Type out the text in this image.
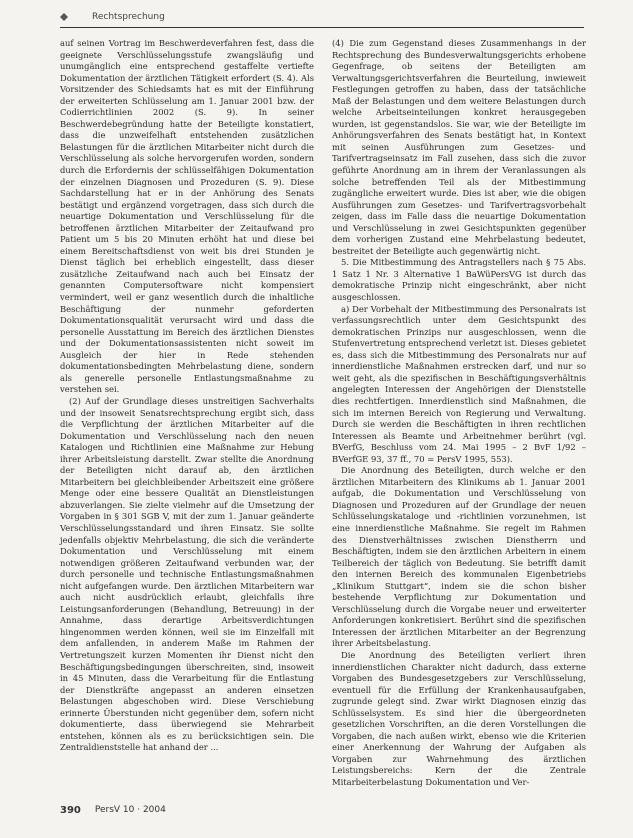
Rechtsprechung

auf seinen Vortrag im Beschwerdeverfahren fest, dass die geeignete Verschlüsselungsstufe zwangsläufig und unumgänglich eine entsprechend gestaffelte vertiefte Dokumentation der ärztlichen Tätigkeit erfordert (S. 4). Als Vorsitzender des Schiedsamts hat es mit der Einführung der erweiterten Schlüsselung am 1. Januar 2001 bzw. der Codierrichtlinien 2002 (S. 9). In seiner Beschwerdebegründung hatte der Beteiligte konstatiert, dass die unzweifelhaft entstehenden zusätzlichen Belastungen für die ärztlichen Mitarbeiter nicht durch die Verschlüsselung als solche hervorgerufen worden, sondern durch die Erfordernis der schlüsselfähigen Dokumentation der einzelnen Diagnosen und Prozeduren (S. 9). Diese Sachdarstellung hat er in der Anhörung des Senats bestätigt und ergänzend vorgetragen, dass sich durch die neuartige Dokumentation und Verschlüsselung für die betroffenen ärztlichen Mitarbeiter der Zeitaufwand pro Patient um 5 bis 20 Minuten erhöht hat und diese bei einem Bereitschaftsdienst von weit bis drei Stunden je Dienst täglich bei erheblich eingestellt, dass dieser zusätzliche Zeitaufwand nach auch bei Einsatz der genannten Computersoftware nicht kompensiert vermindert, weil er ganz wesentlich durch die inhaltliche Beschäftigung der nunmehr geforderten Dokumentationsqualität verursacht wird und dass die personelle Ausstattung im Bereich des ärztlichen Dienstes und der Dokumentationsassistenten nicht soweit im Ausgleich der hier in Rede stehenden dokumentationsbedingten Mehrbelastung diene, sondern als generelle personelle Entlastungsmaßnahme zu verstehen sei.

(2) Auf der Grundlage dieses unstreitigen Sachverhalts und der insoweit Senatsrechtsprechung ergibt sich, dass die Verpflichtung der ärztlichen Mitarbeiter auf die Dokumentation und Verschlüsselung nach den neuen Katalogen und Richtlinien eine Maßnahme zur Hebung ihrer Arbeitsleistung darstellt. Zwar stellte die Anordnung der Beteiligten nicht darauf ab, den ärztlichen Mitarbeitern bei gleichbleibender Arbeitszeit eine größere Menge oder eine bessere Qualität an Dienstleistungen abzuverlangen. Sie zielte vielmehr auf die Umsetzung der Vorgaben in § 301 SGB V, mit der zum 1. Januar geänderte Verschlüsselungsstandard und ihren Einsatz. Sie sollte jedenfalls objektiv Mehrbelastung, die sich die veränderte Dokumentation und Verschlüsselung mit einem notwendigen größeren Zeitaufwand verbunden war, der durch personelle und technische Entlastungsmaßnahmen nicht aufgefangen wurde. Den ärztlichen Mitarbeitern war auch nicht ausdrücklich erlaubt, gleichfalls ihre Leistungsanforderungen (Behandlung, Betreuung) in der Annahme, dass derartige Arbeitsverdichtungen hingenommen werden können, weil sie im Einzelfall mit dem anfallenden, in anderem Maße im Rahmen der Vertretungszeit kurzen Momenten ihr Dienst nicht den Beschäftigungsbedingungen überschreiten, sind, insoweit in 45 Minuten, dass die Verarbeitung für die Entlastung der Dienstkräfte angepasst an anderen einsetzen Belastungen abgeschoben wird. Diese Verschiebung erinnerte Überstunden nicht gegenüber dem, sofern nicht dokumentierte, dass überwiegend sie Mehrarbeit entstehen, können als es zu berücksichtigen sein. Die Zentraldienststelle hat anhand der ...

(4) Die zum Gegenstand dieses Zusammenhangs in der Rechtsprechung des Bundesverwaltungsgerichts erhobene Gegenfrage, ob seitens der Beteiligten am Verwaltungsgerichtsverfahren die Beurteilung, inwieweit Festlegungen getroffen zu haben, dass der tatsächliche Maß der Belastungen und dem weitere Belastungen durch welche Arbeitseinteilungen konkret herausgegeben wurden, ist gegenstandslos. Sie war, wie der Beteiligte im Anhörungsverfahren des Senats bestätigt hat, in Kontext mit seinen Ausführungen zum Gesetzes- und Tarifvertragseinsatz im Fall zusehen, dass sich die zuvor geführte Anordnung am in ihrem der Veranlassungen als solche betreffenden Teil als der Mitbestimmung zugängliche erweitert wurde. Dies ist aber, wie die obigen Ausführungen zum Gesetzes- und Tarifvertragsvorbehalt zeigen, dass im Falle dass die neuartige Dokumentation und Verschlüsselung in zwei Gesichtspunkten gegenüber dem vorherigen Zustand eine Mehrbelastung bedeutet, bestreitet der Beteiligte auch gegenwärtig nicht.

5. Die Mitbestimmung des Antragstellers nach § 75 Abs. 1 Satz 1 Nr. 3 Alternative 1 BaWüPersVG ist durch das demokratische Prinzip nicht eingeschränkt, aber nicht ausgeschlossen.

a) Der Vorbehalt der Mitbestimmung des Personalrats ist verfassungsrechtlich unter dem Gesichtspunkt des demokratischen Prinzips nur ausgeschlossen, wenn die Stufenvertretung entsprechend verletzt ist. Dieses gebietet es, dass sich die Mitbestimmung des Personalrats nur auf innerdienstliche Maßnahmen erstrecken darf, und nur so weit geht, als die spezifischen in Beschäftigungsverhältnis angelegten Interessen der Angehörigen der Dienststelle dies rechtfertigen. Innerdienstlich sind Maßnahmen, die sich im internen Bereich von Regierung und Verwaltung. Durch sie werden die Beschäftigten in ihren rechtlichen Interessen als Beamte und Arbeitnehmer berührt (vgl. BVerfG, Beschluss vom 24. Mai 1995 – 2 BvF 1/92 – BVerfGE 93, 37 ff., 70 = PersV 1995, 553).

Die Anordnung des Beteiligten, durch welche er den ärztlichen Mitarbeitern des Klinikums ab 1. Januar 2001 aufgab, die Dokumentation und Verschlüsselung von Diagnosen und Prozeduren auf der Grundlage der neuen Schlüsselungskataloge und -richtlinien vorzunehmen, ist eine innerdienstliche Maßnahme. Sie regelt im Rahmen des Dienstverhältnisses zwischen Dienstherrn und Beschäftigten, indem sie den ärztlichen Arbeitern in einem Teilbereich der täglich von Bedeutung. Sie betrifft damit den internen Bereich des kommunalen Eigenbetriebs „Klinikum Stuttgart“, indem sie die schon bisher bestehende Verpflichtung zur Dokumentation und Verschlüsselung durch die Vorgabe neuer und erweiterter Anforderungen konkretisiert. Berührt sind die spezifischen Interessen der ärztlichen Mitarbeiter an der Begrenzung ihrer Arbeitsbelastung.

Die Anordnung des Beteiligten verliert ihren innerdienstlichen Charakter nicht dadurch, dass externe Vorgaben des Bundesgesetzgebers zur Verschlüsselung, eventuell für die Erfüllung der Krankenhausaufgaben, zugrunde gelegt sind. Zwar wirkt Diagnosen einzig das Schlüsselsystem. Es sind hier die übergeordneten gesetzlichen Vorschriften, an die deren Vorstellungen die Vorgaben, die nach außen wirkt, ebenso wie die Kriterien einer Anerkennung der Wahrung der Aufgaben als Vorgaben zur Wahrnehmung des ärztlichen Leistungsbereichs: Kern der die Zentrale Mitarbeiterbelastung Dokumentation und Ver-

390 PersV 10 · 2004
